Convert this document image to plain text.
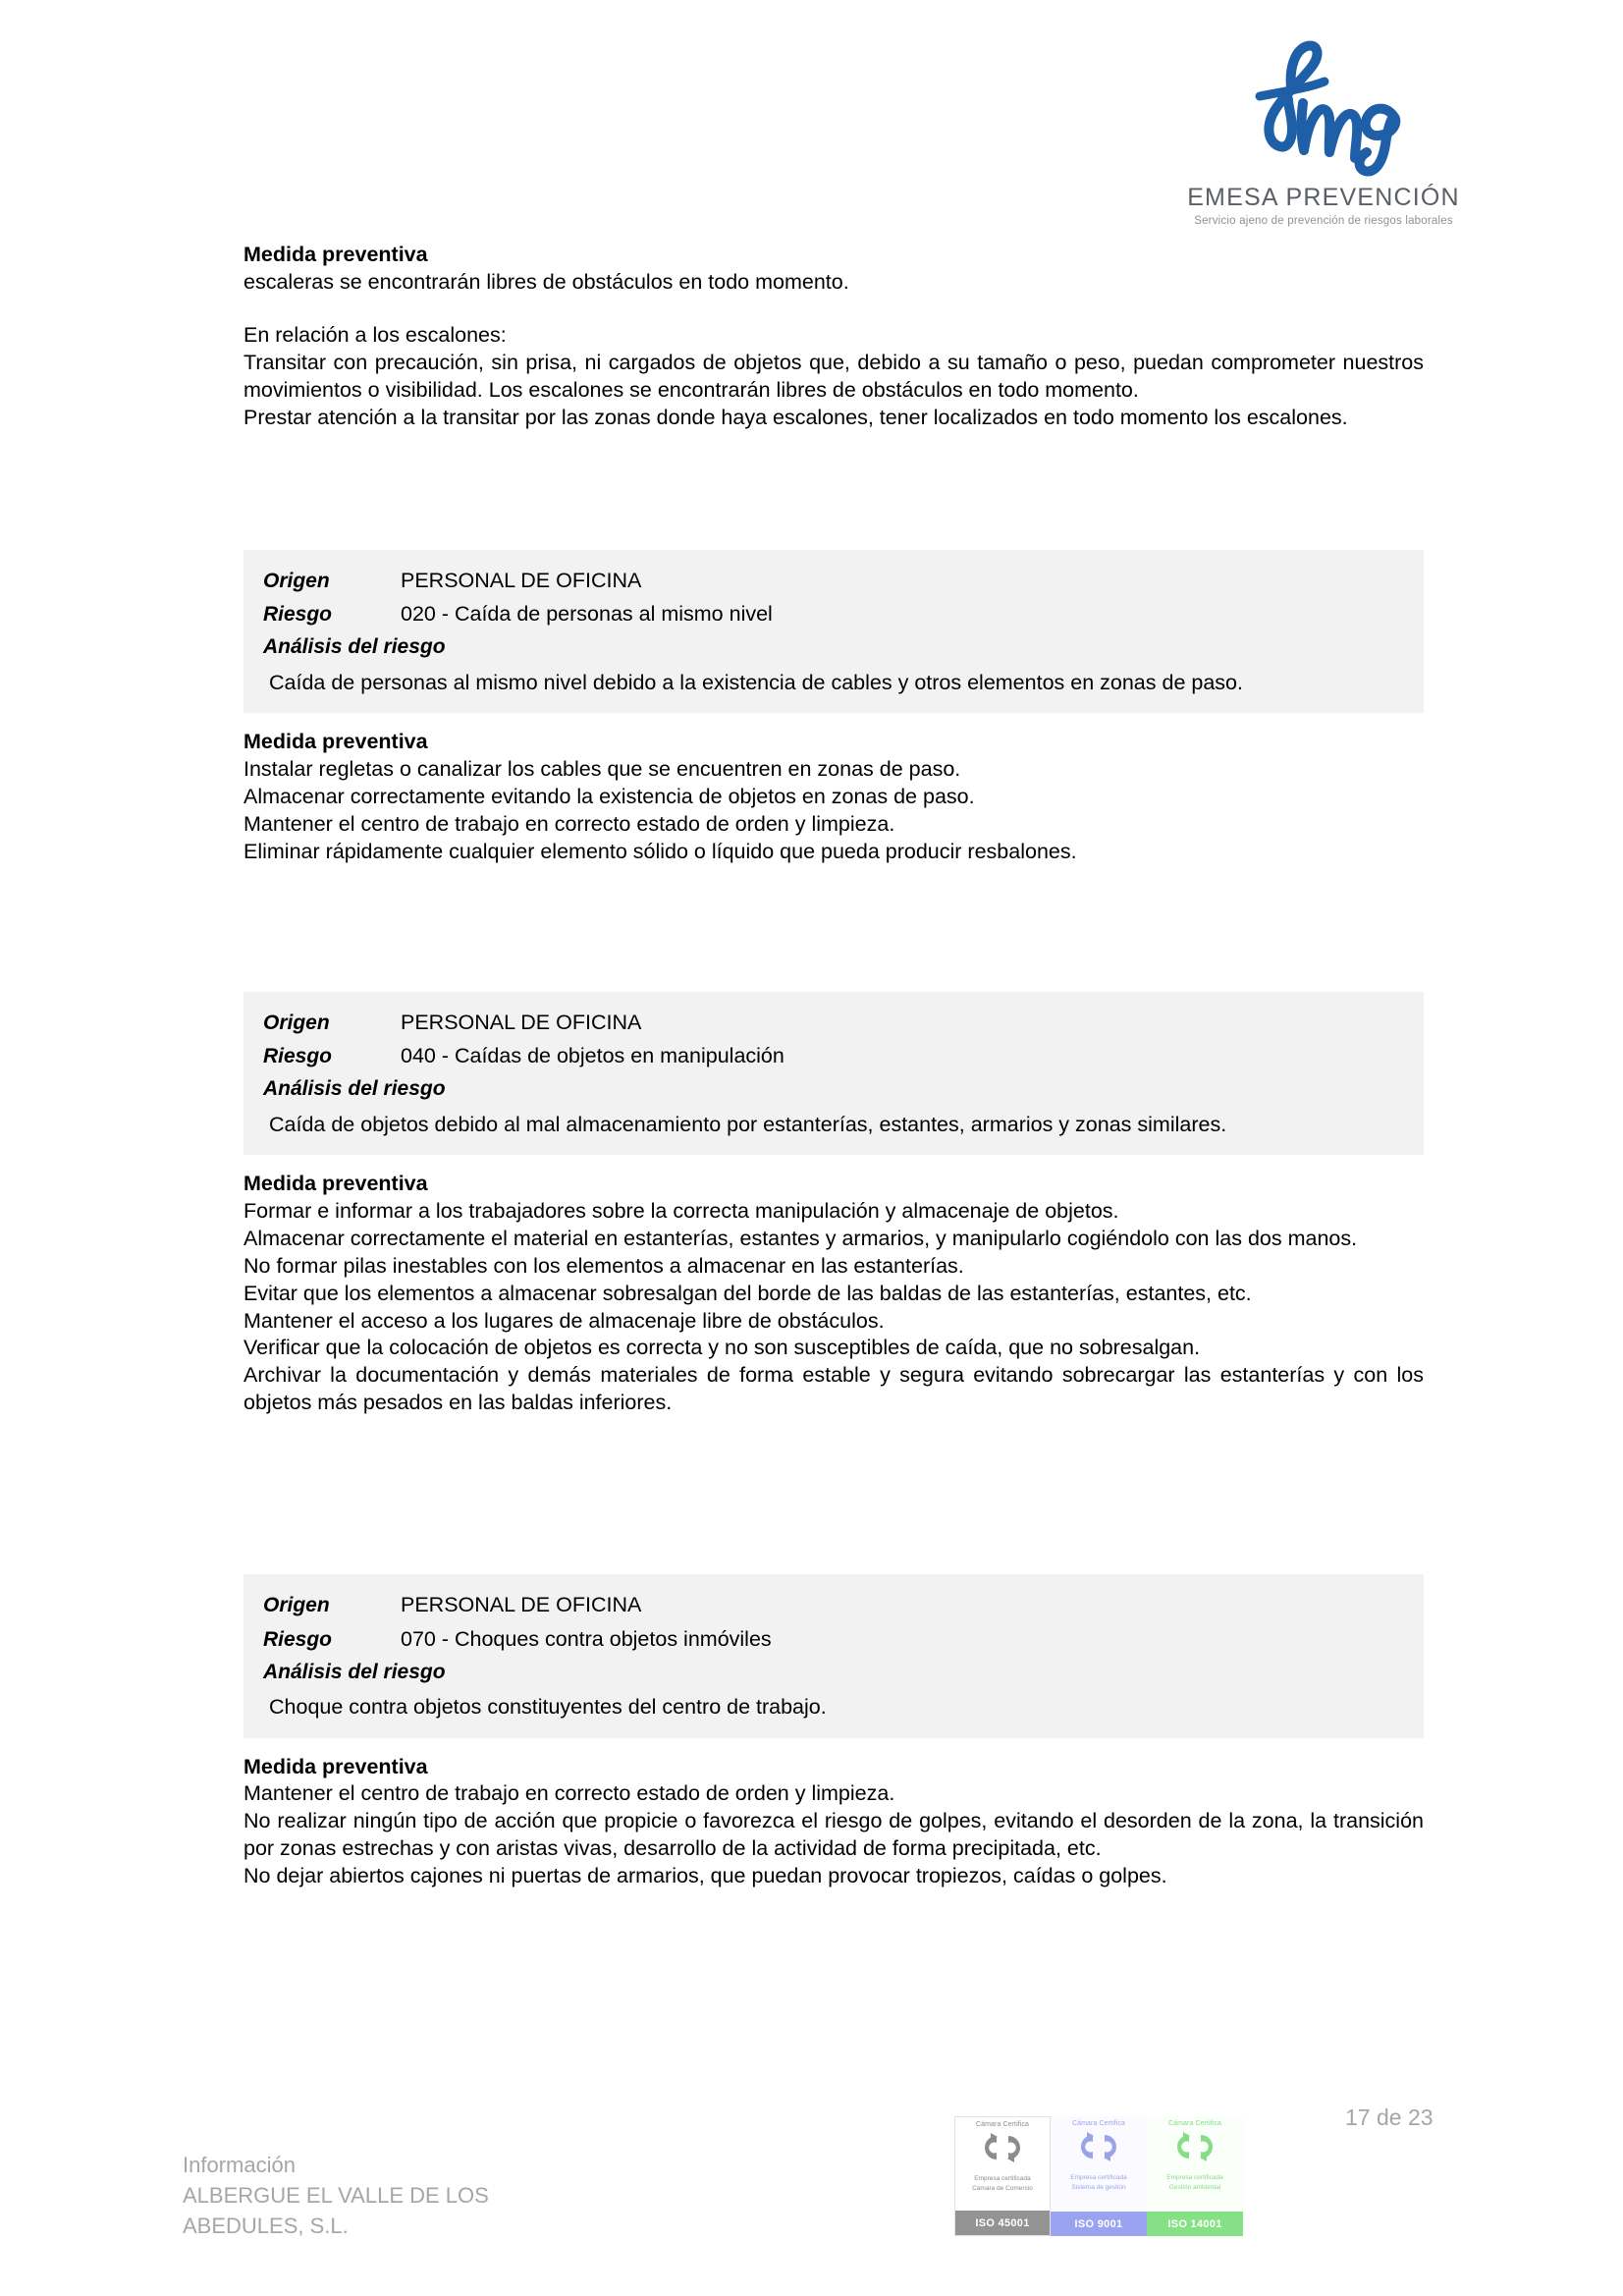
EMESA PREVENCIÓN
Servicio ajeno de prevención de riesgos laborales
Medida preventiva
escaleras se encontrarán libres de obstáculos en todo momento.
En relación a los escalones:
Transitar con precaución, sin prisa, ni cargados de objetos que, debido a su tamaño o peso, puedan comprometer nuestros movimientos o visibilidad. Los escalones se encontrarán libres de obstáculos en todo momento.
Prestar atención a la transitar por las zonas donde haya escalones, tener localizados en todo momento los escalones.
Origen	PERSONAL DE OFICINA
Riesgo	020 - Caída de personas al mismo nivel
Análisis del riesgo
Caída de personas al mismo nivel debido a la existencia de cables y otros elementos en zonas de paso.
Medida preventiva
Instalar regletas o canalizar los cables que se encuentren en zonas de paso.
Almacenar correctamente evitando la existencia de objetos en zonas de paso.
Mantener el centro de trabajo en correcto estado de orden y limpieza.
Eliminar rápidamente cualquier elemento sólido o líquido que pueda producir resbalones.
Origen	PERSONAL DE OFICINA
Riesgo	040 - Caídas de objetos en manipulación
Análisis del riesgo
Caída de objetos debido al mal almacenamiento por estanterías, estantes, armarios y zonas similares.
Medida preventiva
Formar e informar a los trabajadores sobre la correcta manipulación y almacenaje de objetos.
Almacenar correctamente el material en estanterías, estantes y armarios, y manipularlo cogiéndolo con las dos manos.
No formar pilas inestables con los elementos a almacenar en las estanterías.
Evitar que los elementos a almacenar sobresalgan del borde de las baldas de las estanterías, estantes, etc.
Mantener el acceso a los lugares de almacenaje libre de obstáculos.
Verificar que la colocación de objetos es correcta y no son susceptibles de caída, que no sobresalgan.
Archivar la documentación y demás materiales de forma estable y segura evitando sobrecargar las estanterías y con los objetos más pesados en las baldas inferiores.
Origen	PERSONAL DE OFICINA
Riesgo	070 - Choques contra objetos inmóviles
Análisis del riesgo
Choque contra objetos constituyentes del centro de trabajo.
Medida preventiva
Mantener el centro de trabajo en correcto estado de orden y limpieza.
No realizar ningún tipo de acción que propicie o favorezca el riesgo de golpes, evitando el desorden de la zona, la transición por zonas estrechas y con aristas vivas, desarrollo de la actividad de forma precipitada, etc.
No dejar abiertos cajones ni puertas de armarios, que puedan provocar tropiezos, caídas o golpes.
Información
ALBERGUE EL VALLE DE LOS
ABEDULES, S.L.
Cámara Certifica
Empresa certificada
Cámara de Comercio
ISO 45001
Cámara Certifica
Empresa certificada
Sistema de gestión
ISO 9001
Cámara Certifica
Empresa certificada
Gestión ambiental
ISO 14001
17 de 23
